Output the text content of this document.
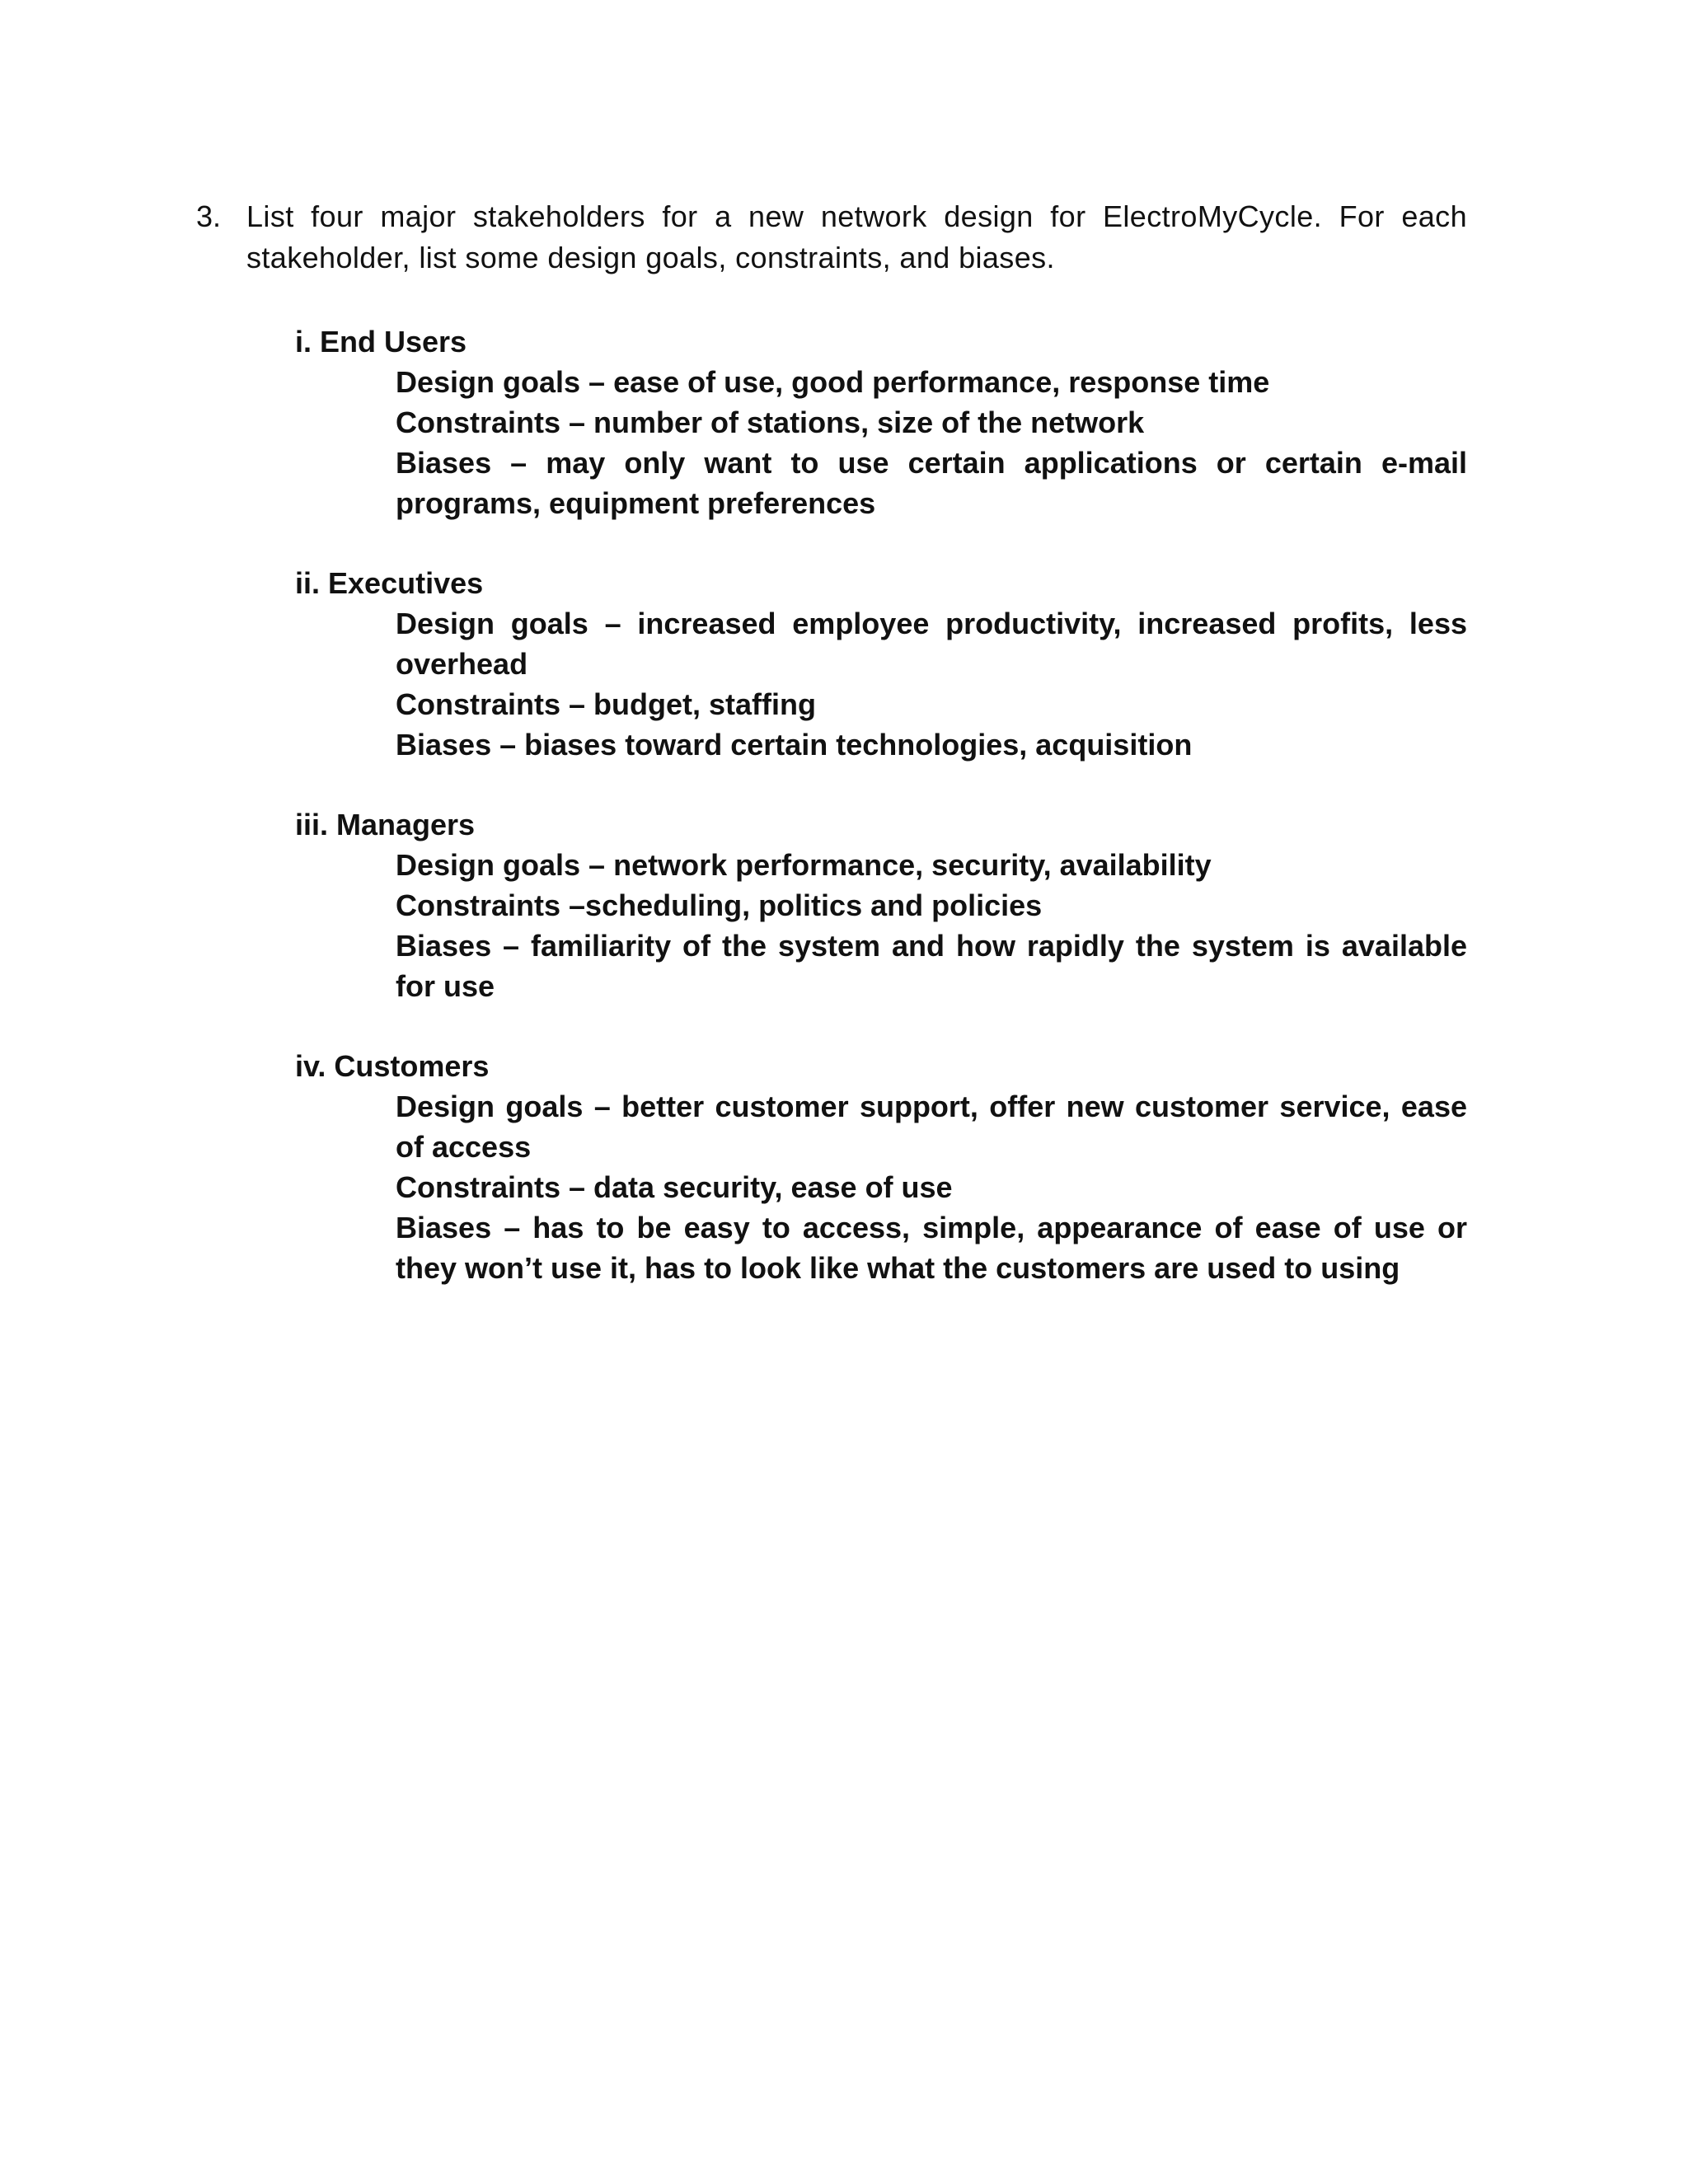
3. List four major stakeholders for a new network design for ElectroMyCycle. For each stakeholder, list some design goals, constraints, and biases.
i. End Users
Design goals – ease of use, good performance, response time
Constraints – number of stations, size of the network
Biases – may only want to use certain applications or certain e-mail programs, equipment preferences
ii. Executives
Design goals – increased employee productivity, increased profits, less overhead
Constraints – budget, staffing
Biases – biases toward certain technologies, acquisition
iii. Managers
Design goals – network performance, security, availability
Constraints –scheduling, politics and policies
Biases – familiarity of the system and how rapidly the system is available for use
iv. Customers
Design goals – better customer support, offer new customer service, ease of access
Constraints – data security, ease of use
Biases – has to be easy to access, simple, appearance of ease of use or they won’t use it, has to look like what the customers are used to using
